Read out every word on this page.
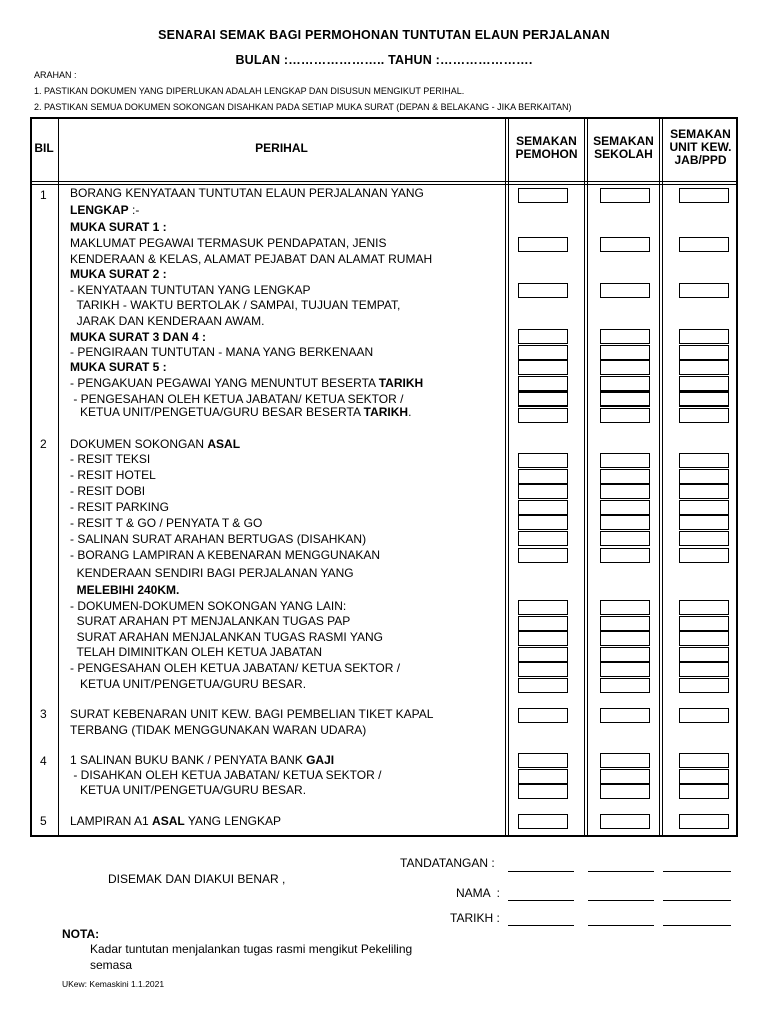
SENARAI SEMAK BAGI PERMOHONAN TUNTUTAN ELAUN PERJALANAN
BULAN :………………….. TAHUN :………………….
ARAHAN :
1. PASTIKAN DOKUMEN YANG DIPERLUKAN ADALAH LENGKAP DAN DISUSUN MENGIKUT PERIHAL.
2. PASTIKAN SEMUA DOKUMEN SOKONGAN DISAHKAN PADA SETIAP MUKA SURAT (DEPAN & BELAKANG - JIKA BERKAITAN)
BIL	PERIHAL	SEMAKAN PEMOHON
SEMAKAN SEKOLAH
SEMAKAN UNIT KEW. JAB/PPD
1
2
3
4
5
BORANG KENYATAAN TUNTUTAN ELAUN PERJALANAN YANG
LENGKAP :-
MUKA SURAT 1 :
MAKLUMAT PEGAWAI TERMASUK PENDAPATAN, JENIS
KENDERAAN & KELAS, ALAMAT PEJABAT DAN ALAMAT RUMAH
MUKA SURAT 2 :
- KENYATAAN TUNTUTAN YANG LENGKAP
TARIKH - WAKTU BERTOLAK / SAMPAI, TUJUAN TEMPAT,
JARAK DAN KENDERAAN AWAM.
MUKA SURAT 3 DAN 4 :
- PENGIRAAN TUNTUTAN - MANA YANG BERKENAAN
MUKA SURAT 5 :
- PENGAKUAN PEGAWAI YANG MENUNTUT BESERTA TARIKH
- PENGESAHAN OLEH KETUA JABATAN/ KETUA SEKTOR /
KETUA UNIT/PENGETUA/GURU BESAR BESERTA TARIKH.
DOKUMEN SOKONGAN ASAL
- RESIT TEKSI
- RESIT HOTEL
- RESIT DOBI
- RESIT PARKING
- RESIT T & GO / PENYATA T & GO
- SALINAN SURAT ARAHAN BERTUGAS (DISAHKAN)
- BORANG LAMPIRAN A KEBENARAN MENGGUNAKAN
KENDERAAN SENDIRI BAGI PERJALANAN YANG
MELEBIHI 240KM.
- DOKUMEN-DOKUMEN SOKONGAN YANG LAIN:
SURAT ARAHAN PT MENJALANKAN TUGAS PAP
SURAT ARAHAN MENJALANKAN TUGAS RASMI YANG
TELAH DIMINITKAN OLEH KETUA JABATAN
- PENGESAHAN OLEH KETUA JABATAN/ KETUA SEKTOR /
KETUA UNIT/PENGETUA/GURU BESAR.
SURAT KEBENARAN UNIT KEW. BAGI PEMBELIAN TIKET KAPAL
TERBANG (TIDAK MENGGUNAKAN WARAN UDARA)
1 SALINAN BUKU BANK / PENYATA BANK GAJI
- DISAHKAN OLEH KETUA JABATAN/ KETUA SEKTOR /
KETUA UNIT/PENGETUA/GURU BESAR.
LAMPIRAN A1 ASAL YANG LENGKAP
TANDATANGAN :
DISEMAK DAN DIAKUI BENAR ,
NAMA  :
TARIKH :
NOTA:
Kadar tuntutan menjalankan tugas rasmi mengikut Pekeliling
semasa
UKew: Kemaskini 1.1.2021
